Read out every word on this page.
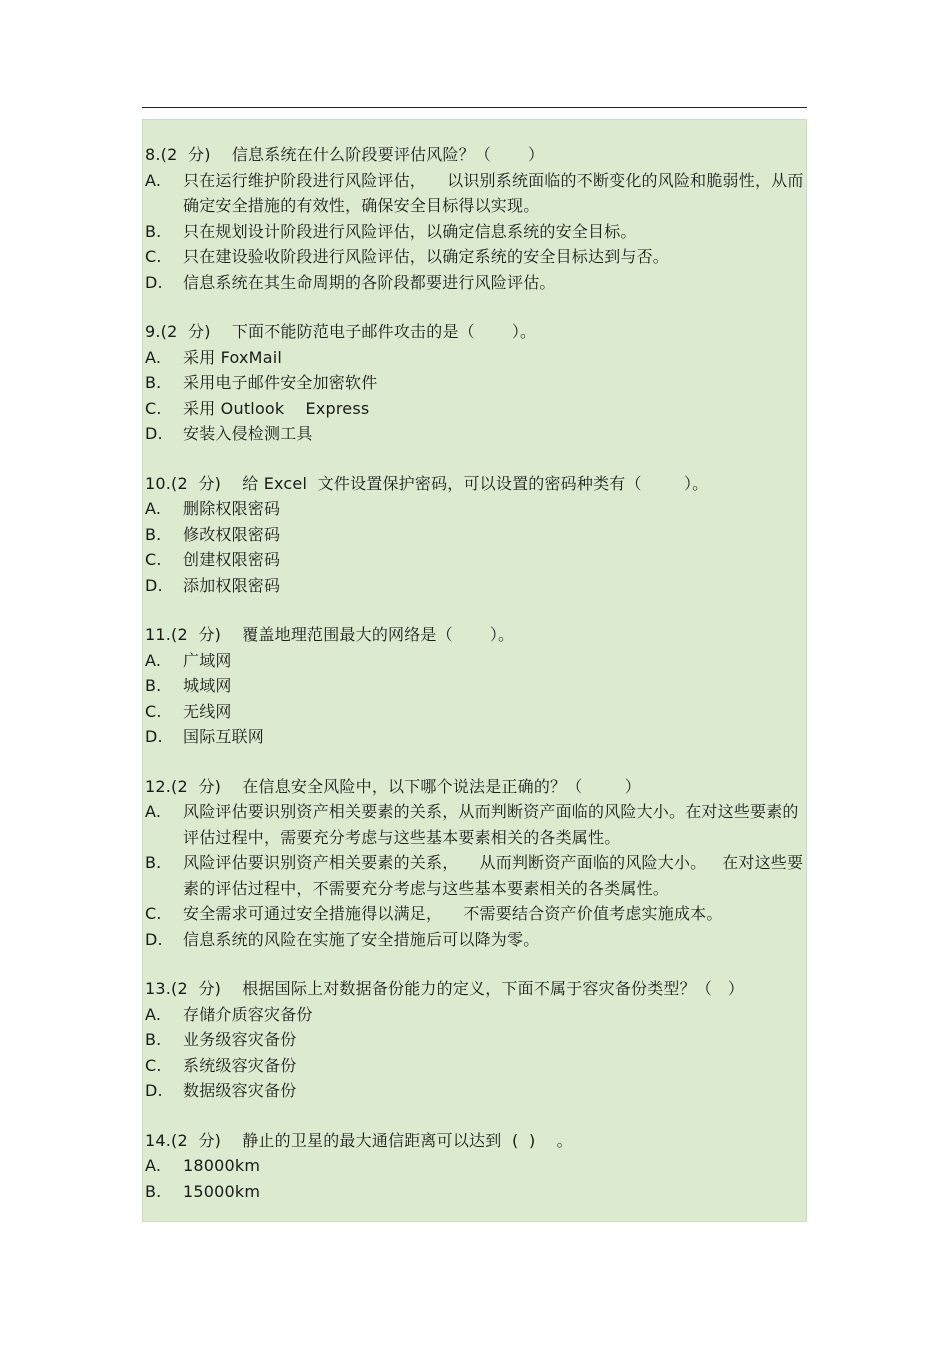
8.(2  分)    信息系统在什么阶段要评估风险？（       ）
A.	只在运行维护阶段进行风险评估，    以识别系统面临的不断变化的风险和脆弱性，从而确定安全措施的有效性，确保安全目标得以实现。
B.	只在规划设计阶段进行风险评估，以确定信息系统的安全目标。
C.	只在建设验收阶段进行风险评估，以确定系统的安全目标达到与否。
D.	信息系统在其生命周期的各阶段都要进行风险评估。
9.(2  分)    下面不能防范电子邮件攻击的是（       ）。
A.	采用 FoxMail
B.	采用电子邮件安全加密软件
C.	采用 Outlook    Express
D.	安装入侵检测工具
10.(2  分)    给 Excel  文件设置保护密码，可以设置的密码种类有（        ）。
A.	删除权限密码
B.	修改权限密码
C.	创建权限密码
D.	添加权限密码
11.(2  分)    覆盖地理范围最大的网络是（       ）。
A.	广域网
B.	城域网
C.	无线网
D.	国际互联网
12.(2  分)    在信息安全风险中，以下哪个说法是正确的？（        ）
A.	风险评估要识别资产相关要素的关系，从而判断资产面临的风险大小。在对这些要素的评估过程中，需要充分考虑与这些基本要素相关的各类属性。
B.	风险评估要识别资产相关要素的关系，    从而判断资产面临的风险大小。   在对这些要素的评估过程中，不需要充分考虑与这些基本要素相关的各类属性。
C.	安全需求可通过安全措施得以满足，    不需要结合资产价值考虑实施成本。
D.	信息系统的风险在实施了安全措施后可以降为零。
13.(2  分)    根据国际上对数据备份能力的定义，下面不属于容灾备份类型？（   ）
A.	存储介质容灾备份
B.	业务级容灾备份
C.	系统级容灾备份
D.	数据级容灾备份
14.(2  分)    静止的卫星的最大通信距离可以达到  (  )    。
A.	18000km
B.	15000km
